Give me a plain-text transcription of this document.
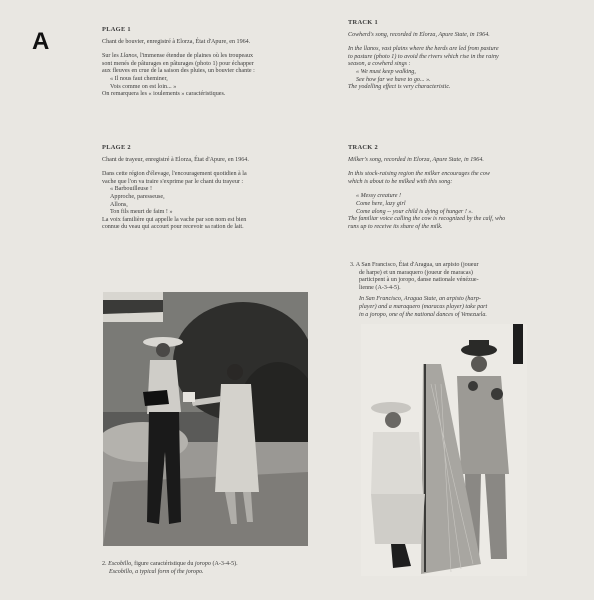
A	PLAGE 1

Chant de bouvier, enregistré à Elorza, État d'Apure, en 1964.

Sur les Llanos, l'immense étendue de plaines où les troupeaux

sont menés de pâturages en pâturages (photo 1) pour échapper

aux fleuves en crue de la saison des pluies, un bouvier chante :

« Il nous faut cheminer,

Vois comme on est loin... »

On remarquera les « ioulements » caractéristiques.

TRACK 1

Cowherd's song, recorded in Elorza, Apure State, in 1964.

In the llanos, vast plains where the herds are led from pasture

to pasture (photo 1) to avoid the rivers which rise in the rainy

season, a cowherd sings :

« We must keep walking,

See how far we have to go... ».

The yodelling effect is very characteristic.

PLAGE 2

Chant de trayeur, enregistré à Elorza, État d'Apure, en 1964.

Dans cette région d'élevage, l'encouragement quotidien à la

vache que l'on va traire s'exprime par le chant du trayeur :

« Barbouilleuse !

Approche, paresseuse,

Allons,

Ton fils meurt de faim ! »

La voix familière qui appelle la vache par son nom est bien

connue du veau qui accourt pour recevoir sa ration de lait.

TRACK 2

Milker's song, recorded in Elorza, Apure State, in 1964.

In this stock-raising region the milker encourages the cow

which is about to be milked with this song:

« Messy creature !

Come here, lazy girl

Come along -- your child is dying of hunger ! ».

The familiar voice calling the cow is recognized by the calf, who

runs up to receive its share of the milk.

3. A San Francisco, État d'Aragua, un arpisto (joueur

de harpe) et un maraquero (joueur de maracas)

participent à un joropo, danse nationale vénézue-

lienne (A-3-4-5).

In San Francisco, Aragua State, an arpisto (harp-

player) and a maraquero (maracas player) take part

in a joropo, one of the national dances of Venezuela.

2. Escobillo, figure caractéristique du joropo (A-3-4-5).

Escobillo, a typical form of the joropo.
